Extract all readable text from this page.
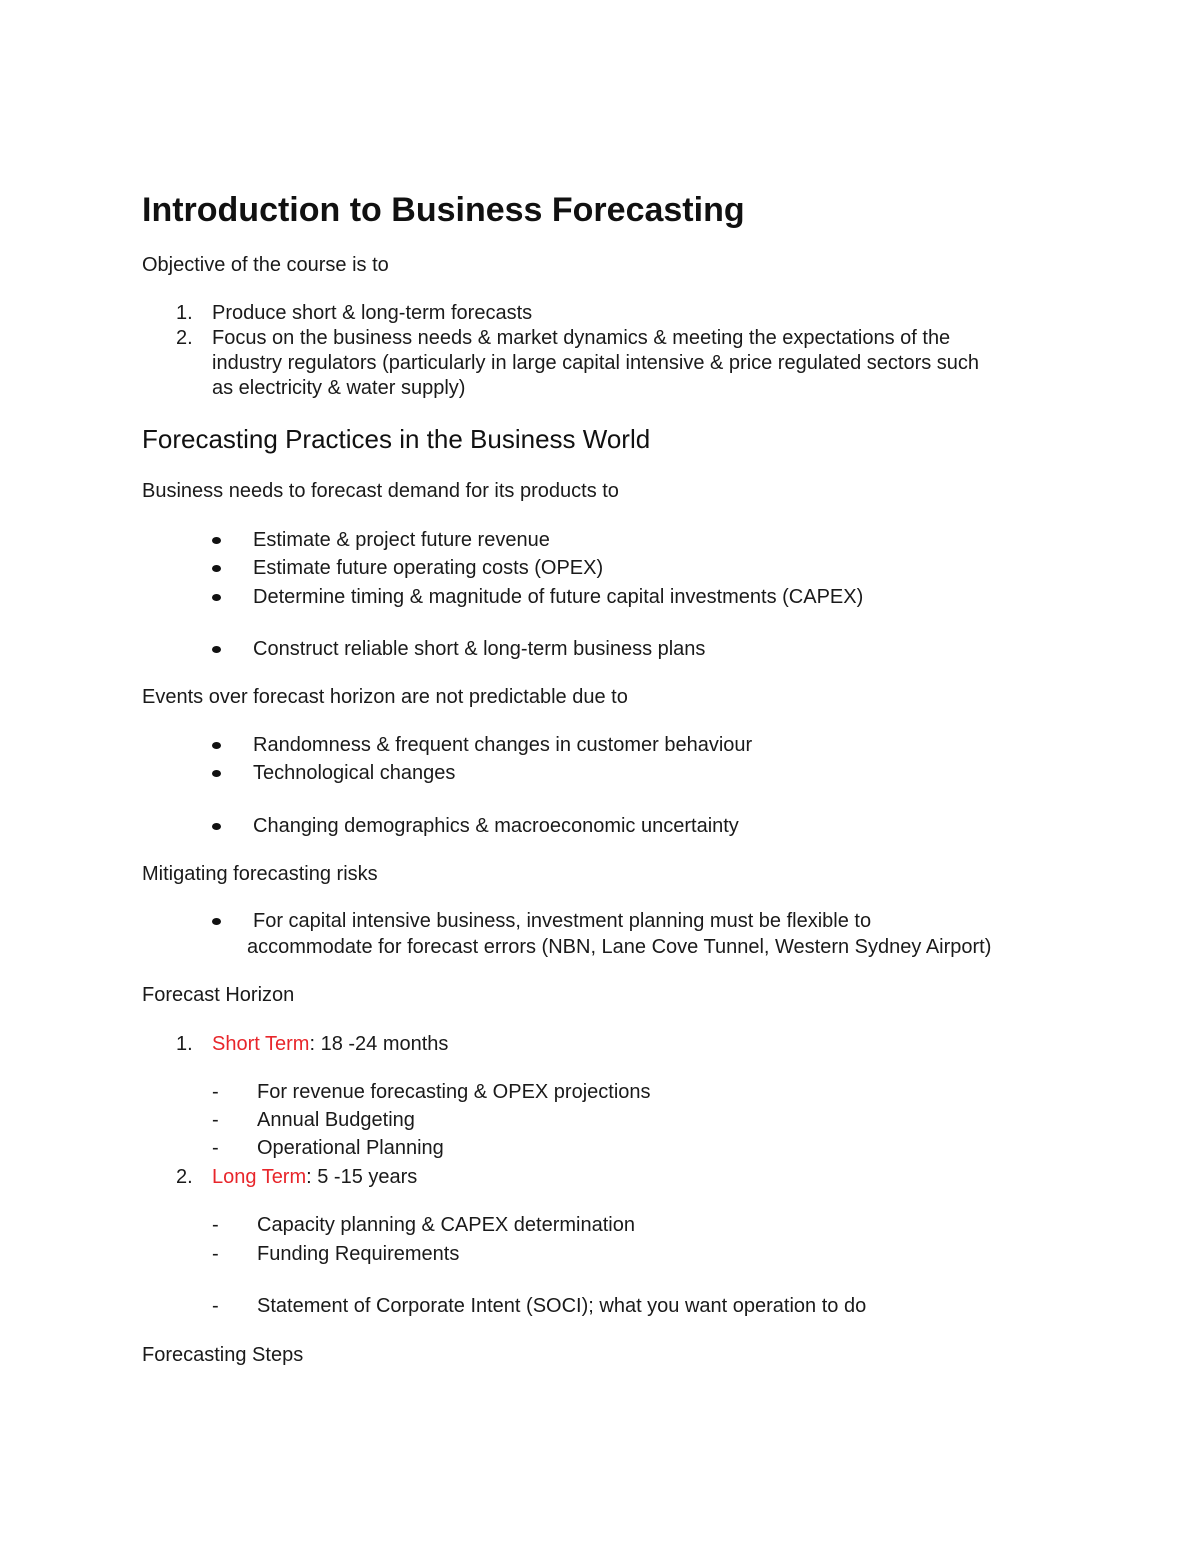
Introduction to Business Forecasting
Objective of the course is to
1. Produce short & long-term forecasts
2. Focus on the business needs & market dynamics & meeting the expectations of the
industry regulators (particularly in large capital intensive & price regulated sectors such
as electricity & water supply)
Forecasting Practices in the Business World
Business needs to forecast demand for its products to
Estimate & project future revenue
Estimate future operating costs (OPEX)
Determine timing & magnitude of future capital investments (CAPEX)
Construct reliable short & long-term business plans
Events over forecast horizon are not predictable due to
Randomness & frequent changes in customer behaviour
Technological changes
Changing demographics & macroeconomic uncertainty
Mitigating forecasting risks
For capital intensive business, investment planning must be flexible to
accommodate for forecast errors (NBN, Lane Cove Tunnel, Western Sydney Airport)
Forecast Horizon
1. Short Term: 18 -24 months
- For revenue forecasting & OPEX projections
- Annual Budgeting
- Operational Planning
2. Long Term: 5 -15 years
- Capacity planning & CAPEX determination
- Funding Requirements
- Statement of Corporate Intent (SOCI); what you want operation to do
Forecasting Steps
